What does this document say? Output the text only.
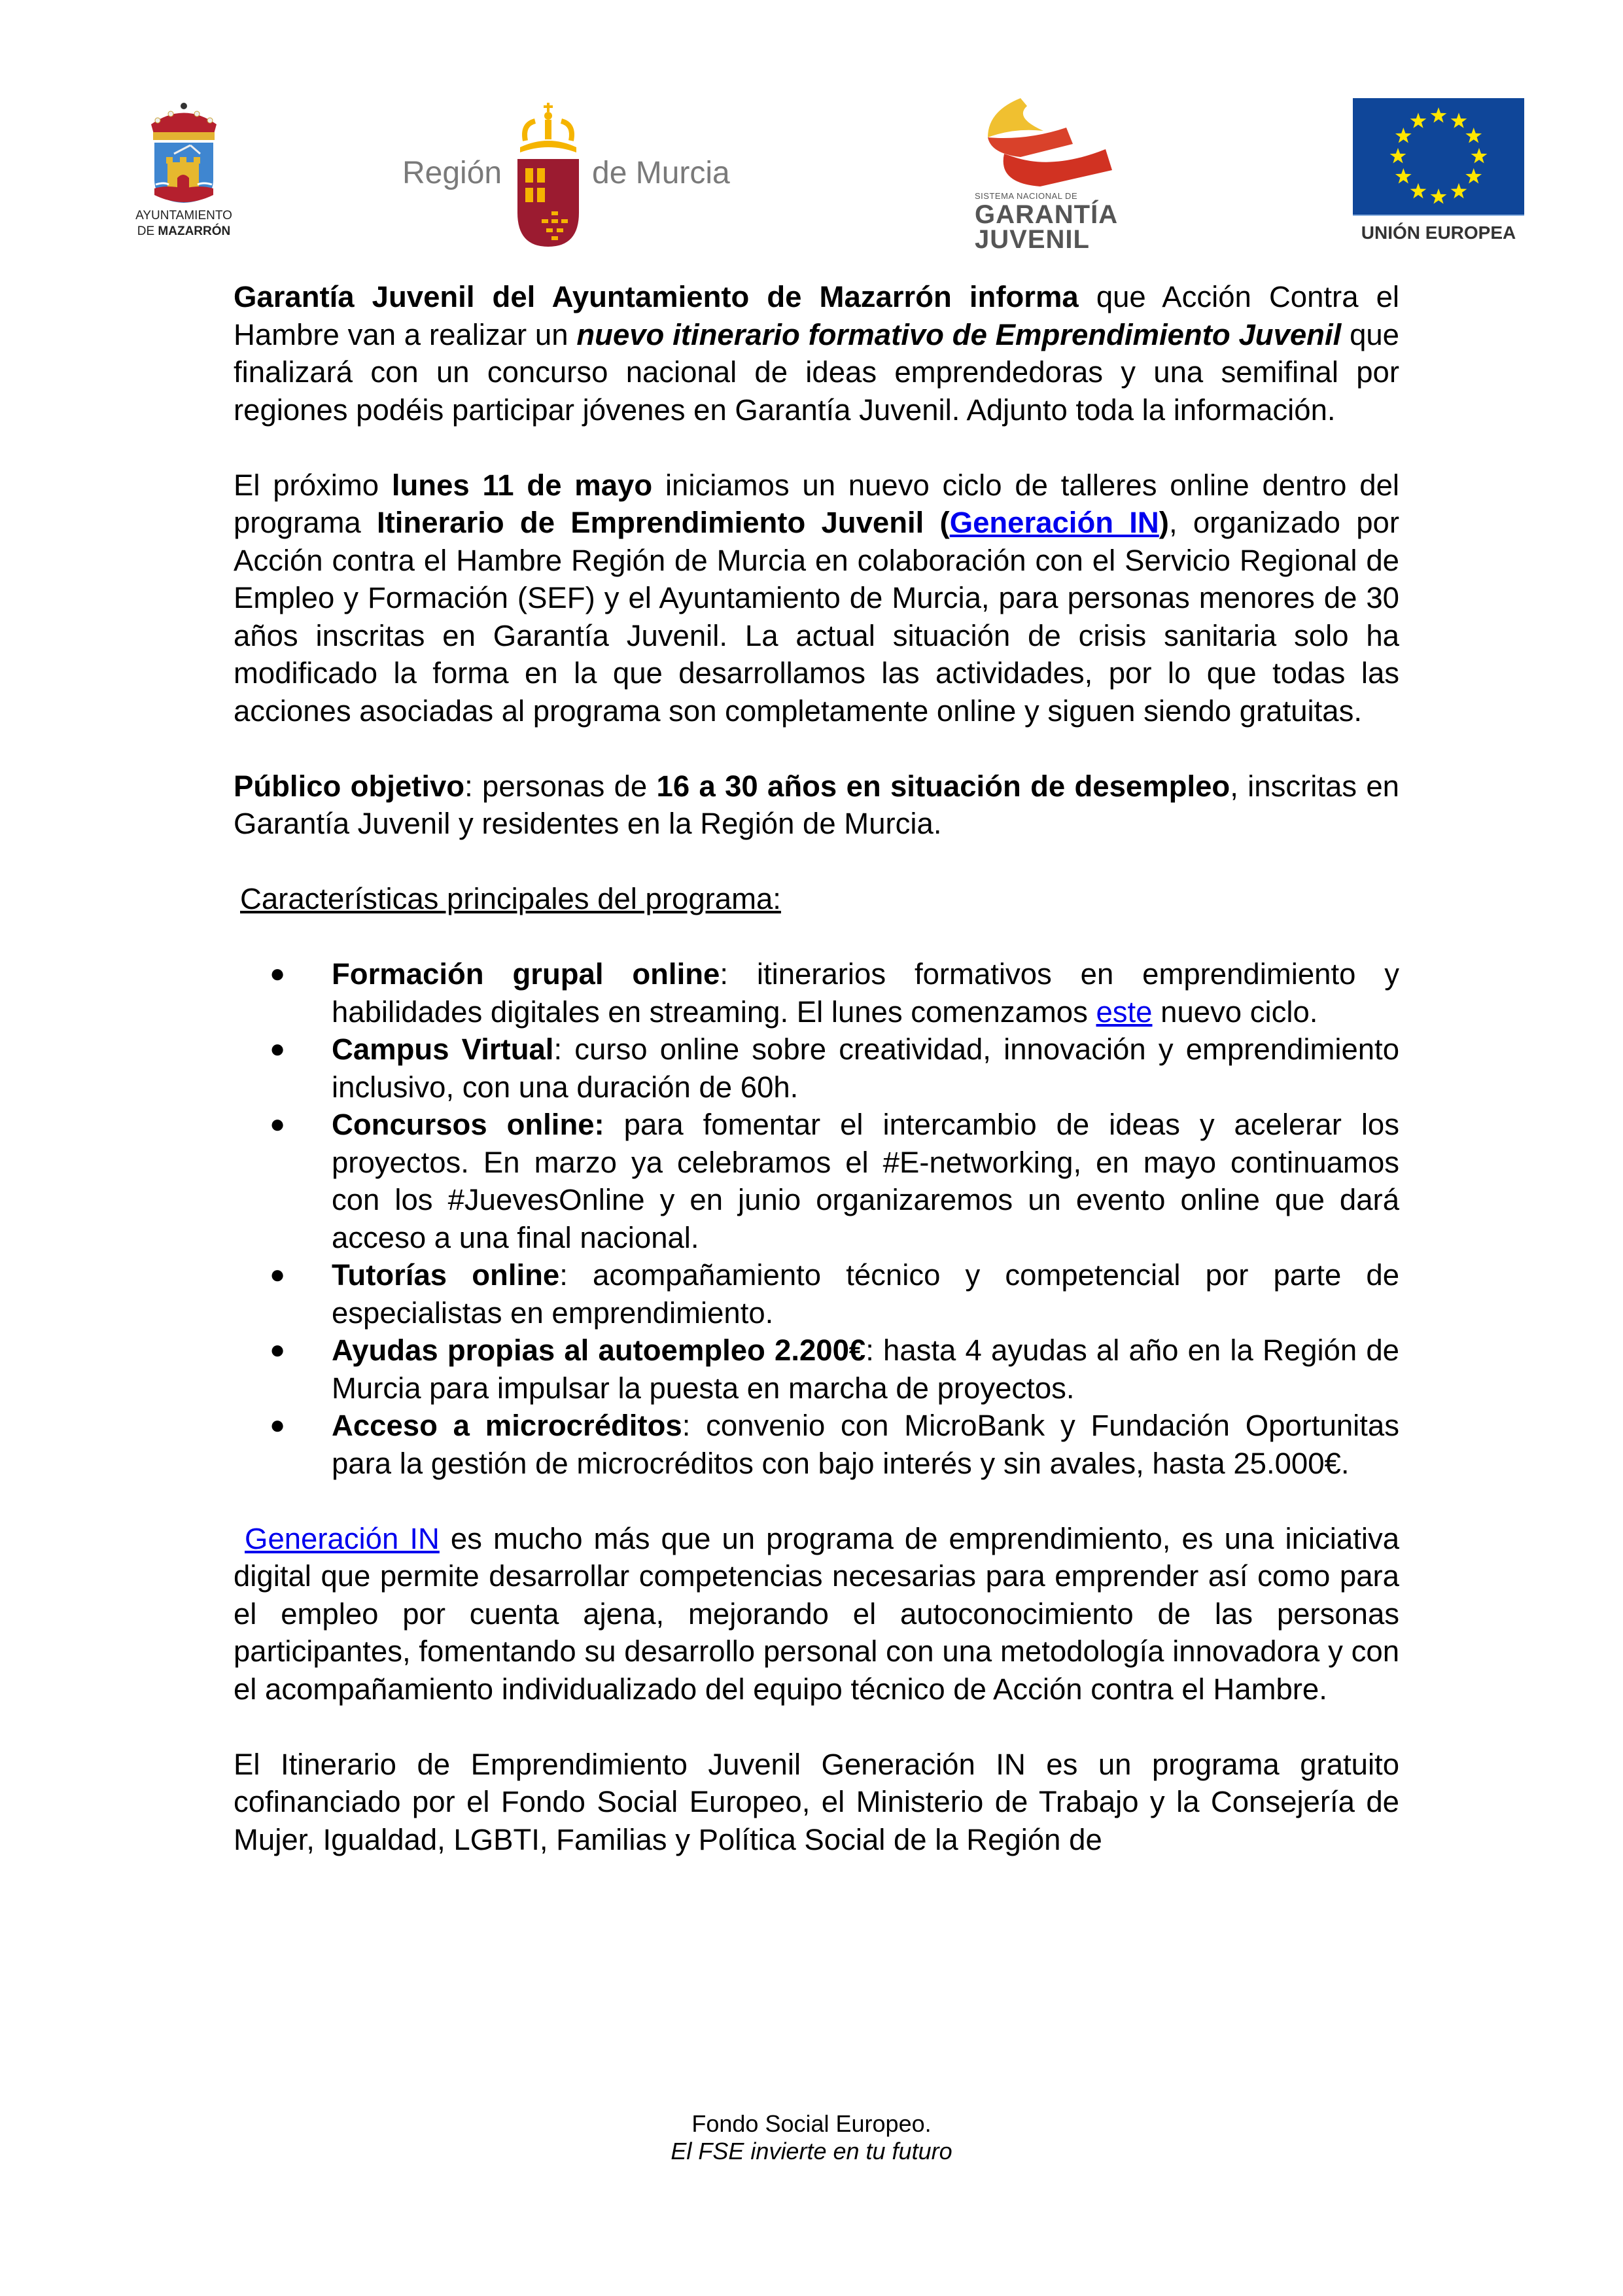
AYUNTAMIENTO
DE MAZARRÓN
Región	de Murcia
SISTEMA NACIONAL DE
GARANTÍA
JUVENIL	UNIÓN EUROPEA

Garantía Juvenil del Ayuntamiento de Mazarrón informa que Acción Contra el Hambre van a realizar un nuevo itinerario formativo de Emprendimiento Juvenil que finalizará con un concurso nacional de ideas emprendedoras y una semifinal por regiones podéis participar jóvenes en Garantía Juvenil. Adjunto toda la información.

El próximo lunes 11 de mayo iniciamos un nuevo ciclo de talleres online dentro del programa Itinerario de Emprendimiento Juvenil (Generación IN), organizado por Acción contra el Hambre Región de Murcia en colaboración con el Servicio Regional de Empleo y Formación (SEF) y el Ayuntamiento de Murcia, para personas menores de 30 años inscritas en Garantía Juvenil. La actual situación de crisis sanitaria solo ha modificado la forma en la que desarrollamos las actividades, por lo que todas las acciones asociadas al programa son completamente online y siguen siendo gratuitas.

Público objetivo: personas de 16 a 30 años en situación de desempleo, inscritas en Garantía Juvenil y residentes en la Región de Murcia.

Características principales del programa:

● Formación grupal online: itinerarios formativos en emprendimiento y habilidades digitales en streaming. El lunes comenzamos este nuevo ciclo.
● Campus Virtual: curso online sobre creatividad, innovación y emprendimiento inclusivo, con una duración de 60h.
● Concursos online: para fomentar el intercambio de ideas y acelerar los proyectos. En marzo ya celebramos el #E-networking, en mayo continuamos con los #JuevesOnline y en junio organizaremos un evento online que dará acceso a una final nacional.
● Tutorías online: acompañamiento técnico y competencial por parte de especialistas en emprendimiento.
● Ayudas propias al autoempleo 2.200€: hasta 4 ayudas al año en la Región de Murcia para impulsar la puesta en marcha de proyectos.
● Acceso a microcréditos: convenio con MicroBank y Fundación Oportunitas para la gestión de microcréditos con bajo interés y sin avales, hasta 25.000€.

Generación IN es mucho más que un programa de emprendimiento, es una iniciativa digital que permite desarrollar competencias necesarias para emprender así como para el empleo por cuenta ajena, mejorando el autoconocimiento de las personas participantes, fomentando su desarrollo personal con una metodología innovadora y con el acompañamiento individualizado del equipo técnico de Acción contra el Hambre.

El Itinerario de Emprendimiento Juvenil Generación IN es un programa gratuito cofinanciado por el Fondo Social Europeo, el Ministerio de Trabajo y la Consejería de Mujer, Igualdad, LGBTI, Familias y Política Social de la Región de

Fondo Social Europeo.
El FSE invierte en tu futuro
